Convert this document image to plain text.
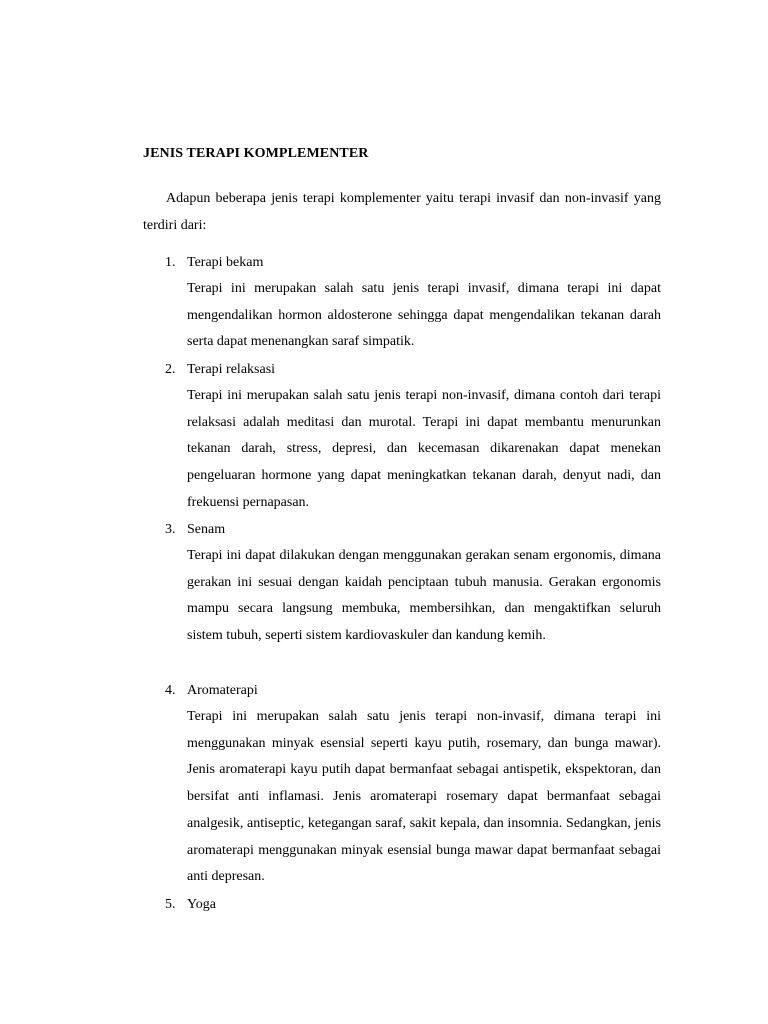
JENIS TERAPI KOMPLEMENTER

Adapun beberapa jenis terapi komplementer yaitu terapi invasif dan non-invasif yang terdiri dari:

1. Terapi bekam

Terapi ini merupakan salah satu jenis terapi invasif, dimana terapi ini dapat mengendalikan hormon aldosterone sehingga dapat mengendalikan tekanan darah serta dapat menenangkan saraf simpatik.

2. Terapi relaksasi

Terapi ini merupakan salah satu jenis terapi non-invasif, dimana contoh dari terapi relaksasi adalah meditasi dan murotal. Terapi ini dapat membantu menurunkan tekanan darah, stress, depresi, dan kecemasan dikarenakan dapat menekan pengeluaran hormone yang dapat meningkatkan tekanan darah, denyut nadi, dan frekuensi pernapasan.

3. Senam

Terapi ini dapat dilakukan dengan menggunakan gerakan senam ergonomis, dimana gerakan ini sesuai dengan kaidah penciptaan tubuh manusia. Gerakan ergonomis mampu secara langsung membuka, membersihkan, dan mengaktifkan seluruh sistem tubuh, seperti sistem kardiovaskuler dan kandung kemih.

4. Aromaterapi

Terapi ini merupakan salah satu jenis terapi non-invasif, dimana terapi ini menggunakan minyak esensial seperti kayu putih, rosemary, dan bunga mawar). Jenis aromaterapi kayu putih dapat bermanfaat sebagai antispetik, ekspektoran, dan bersifat anti inflamasi. Jenis aromaterapi rosemary dapat bermanfaat sebagai analgesik, antiseptic, ketegangan saraf, sakit kepala, dan insomnia. Sedangkan, jenis aromaterapi menggunakan minyak esensial bunga mawar dapat bermanfaat sebagai anti depresan.

5. Yoga
